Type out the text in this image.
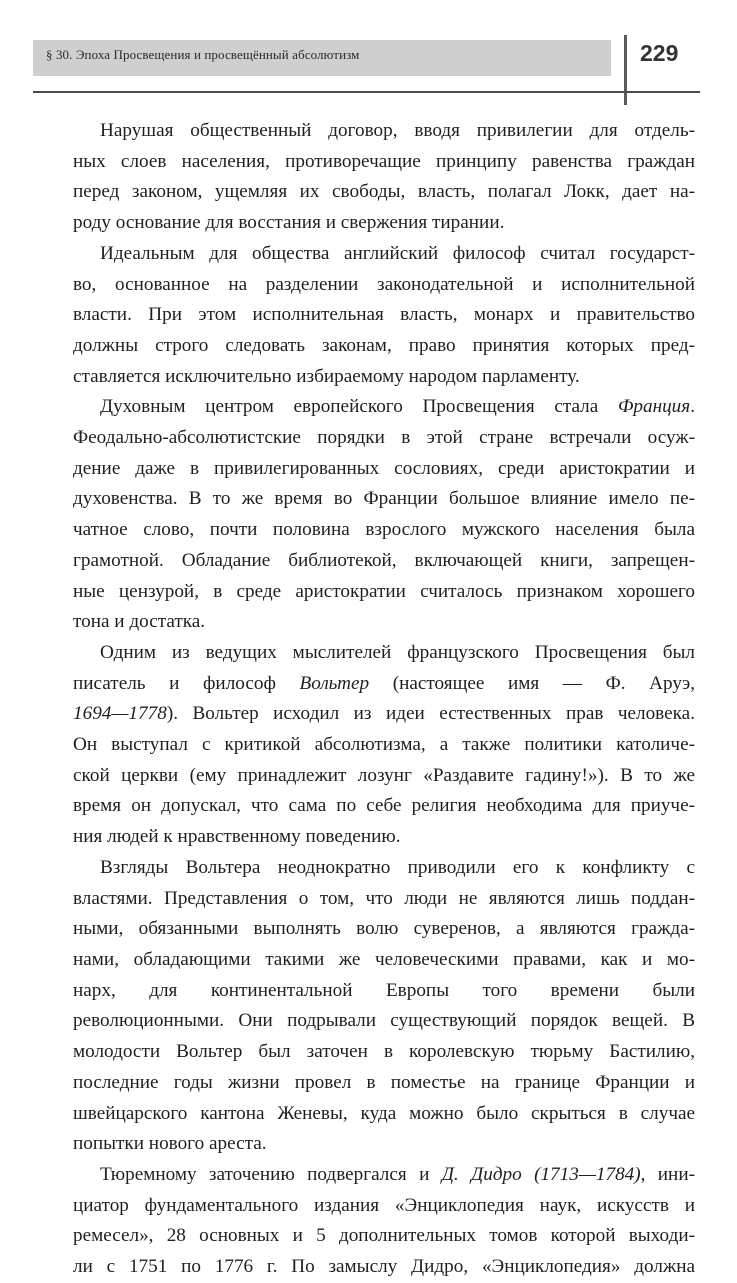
§ 30. Эпоха Просвещения и просвещённый абсолютизм	229
Нарушая общественный договор, вводя привилегии для отдель-
ных слоев населения, противоречащие принципу равенства граждан
перед законом, ущемляя их свободы, власть, полагал Локк, дает на-
роду основание для восстания и свержения тирании.
Идеальным для общества английский философ считал государст-
во, основанное на разделении законодательной и исполнительной
власти. При этом исполнительная власть, монарх и правительство
должны строго следовать законам, право принятия которых пред-
ставляется исключительно избираемому народом парламенту.
Духовным центром европейского Просвещения стала Франция.
Феодально-абсолютистские порядки в этой стране встречали осуж-
дение даже в привилегированных сословиях, среди аристократии и
духовенства. В то же время во Франции большое влияние имело пе-
чатное слово, почти половина взрослого мужского населения была
грамотной. Обладание библиотекой, включающей книги, запрещен-
ные цензурой, в среде аристократии считалось признаком хорошего
тона и достатка.
Одним из ведущих мыслителей французского Просвещения был
писатель и философ Вольтер (настоящее имя — Ф. Аруэ,
1694—1778). Вольтер исходил из идеи естественных прав человека.
Он выступал с критикой абсолютизма, а также политики католиче-
ской церкви (ему принадлежит лозунг «Раздавите гадину!»). В то же
время он допускал, что сама по себе религия необходима для приуче-
ния людей к нравственному поведению.
Взгляды Вольтера неоднократно приводили его к конфликту с
властями. Представления о том, что люди не являются лишь поддан-
ными, обязанными выполнять волю суверенов, а являются гражда-
нами, обладающими такими же человеческими правами, как и мо-
нарх, для континентальной Европы того времени были
революционными. Они подрывали существующий порядок вещей. В
молодости Вольтер был заточен в королевскую тюрьму Бастилию,
последние годы жизни провел в поместье на границе Франции и
швейцарского кантона Женевы, куда можно было скрыться в случае
попытки нового ареста.
Тюремному заточению подвергался и Д. Дидро (1713—1784), ини-
циатор фундаментального издания «Энциклопедия наук, искусств и
ремесел», 28 основных и 5 дополнительных томов которой выходи-
ли с 1751 по 1776 г. По замыслу Дидро, «Энциклопедия» должна
